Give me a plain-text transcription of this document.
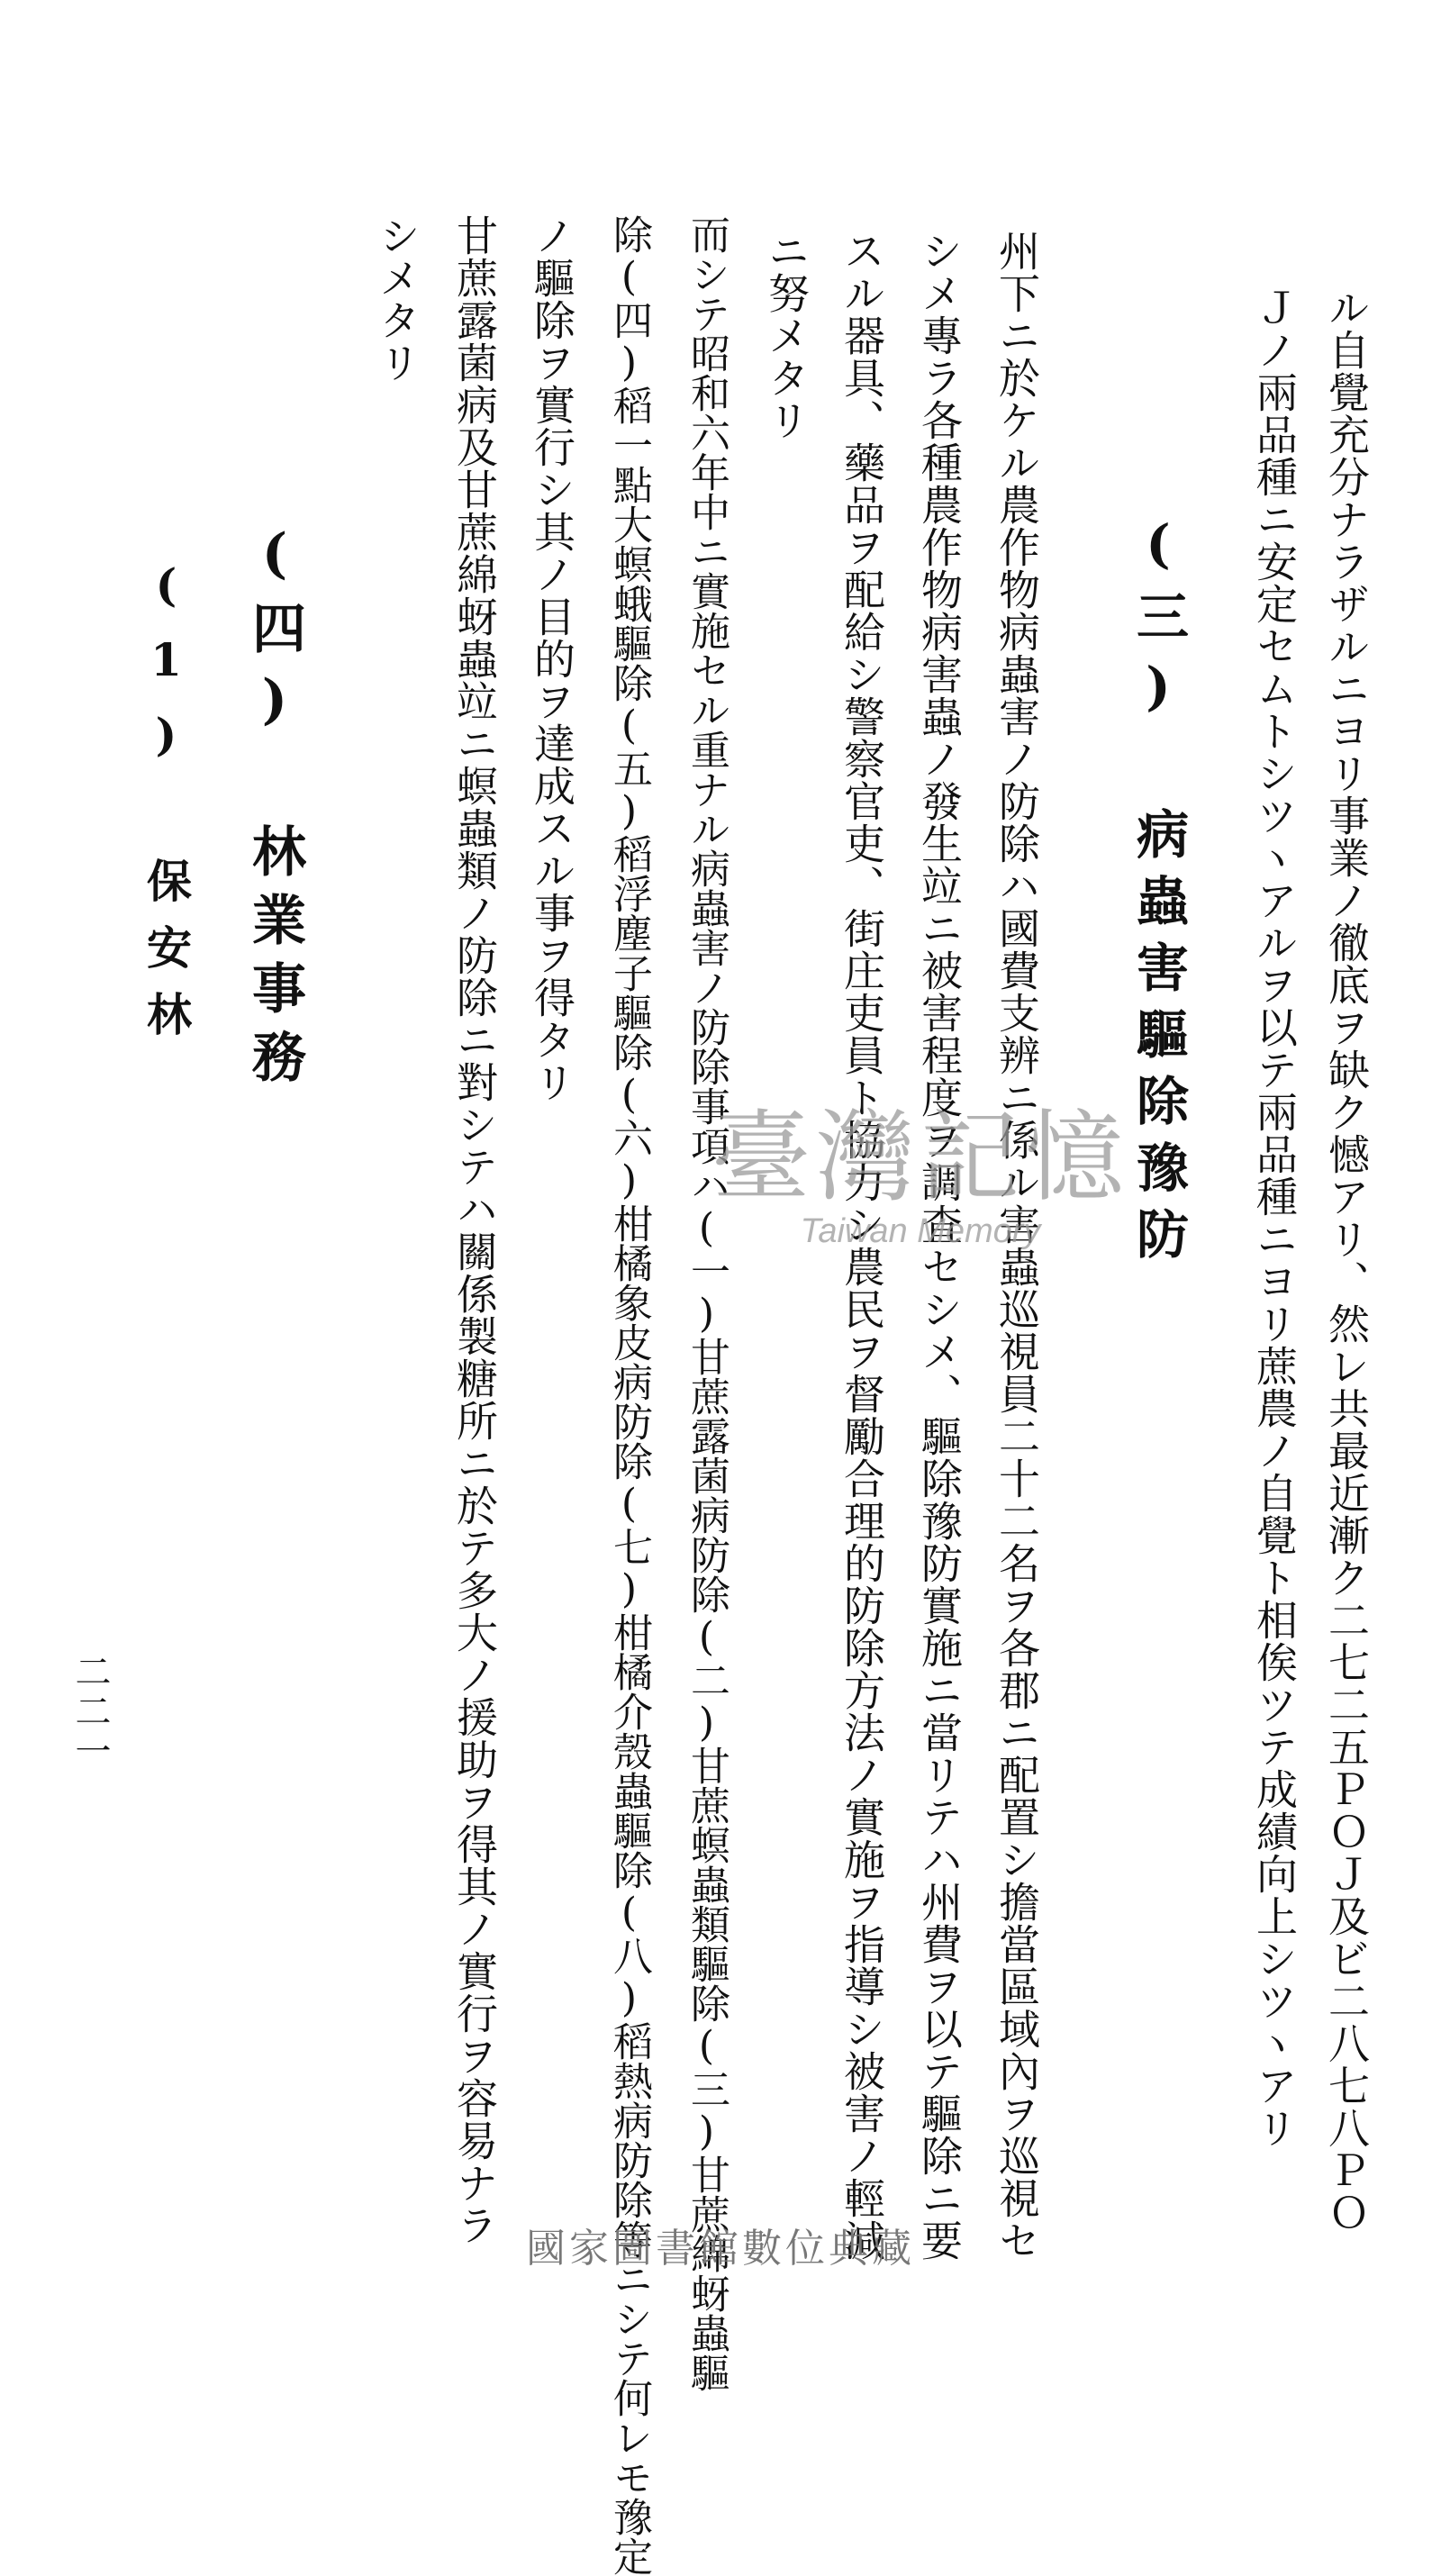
ル自覺充分ナラザルニヨリ事業ノ徹底ヲ缺ク憾アリ、然レ共最近漸ク二七二五ＰＯＪ及ビ二八七八ＰＯ
Ｊノ兩品種ニ安定セムトシツヽアルヲ以テ兩品種ニヨリ蔗農ノ自覺ト相俟ツテ成績向上シツヽアリ
(三) 病蟲害驅除豫防
州下ニ於ケル農作物病蟲害ノ防除ハ國費支辨ニ係ル害蟲巡視員二十二名ヲ各郡ニ配置シ擔當區域內ヲ巡視セ
シメ專ラ各種農作物病害蟲ノ發生竝ニ被害程度ヲ調査セシメ、驅除豫防實施ニ當リテハ州費ヲ以テ驅除ニ要
スル器具、藥品ヲ配給シ警察官吏、街庄吏員ト協力シ農民ヲ督勵合理的防除方法ノ實施ヲ指導シ被害ノ輕減
ニ努メタリ
而シテ昭和六年中ニ實施セル重ナル病蟲害ノ防除事項ハ(一)甘蔗露菌病防除(二)甘蔗螟蟲類驅除(三)甘蔗綿蚜蟲驅
除(四)稻一點大螟蛾驅除(五)稻浮塵子驅除(六)柑橘象皮病防除(七)柑橘介殼蟲驅除(八)稻熱病防除等ニシテ何レモ豫定
ノ驅除ヲ實行シ其ノ目的ヲ達成スル事ヲ得タリ
甘蔗露菌病及甘蔗綿蚜蟲竝ニ螟蟲類ノ防除ニ對シテハ關係製糖所ニ於テ多大ノ援助ヲ得其ノ實行ヲ容易ナラ
シメタリ
(四) 林業事務
(1) 保安林
二二一
臺灣記憶
Taiwan Memory
國家圖書館數位典藏
